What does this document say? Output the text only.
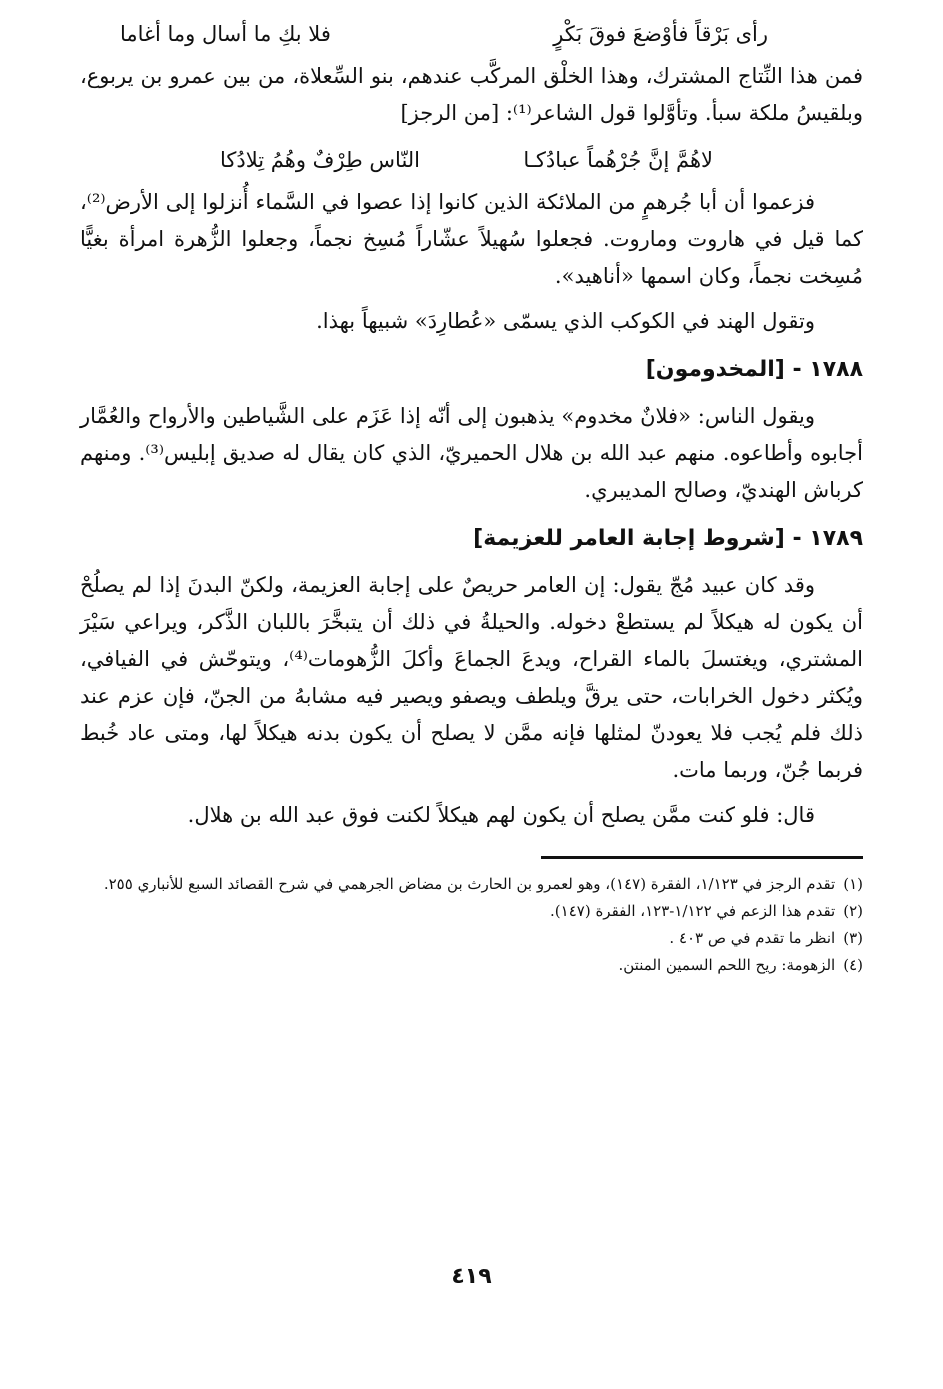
رأى بَرْقاً فأوْضعَ فوقَ بَكْرٍ
فلا بكِ ما أسال وما أغاما

فمن هذا النِّتاج المشترك، وهذا الخلْق المركَّب عندهم، بنو السِّعلاة، من بين عمرو بن يربوع، وبلقيسُ ملكة سبأ. وتأوَّلوا قول الشاعر⁽¹⁾: [من الرجز]

لاهُمَّ إنَّ جُرْهُماً عبادُكـا
النّاس طِرْفٌ وهُمُ تِلادُكا

فزعموا أن أبا جُرهمٍ من الملائكة الذين كانوا إذا عصوا في السَّماء أُنزلوا إلى الأرض⁽²⁾، كما قيل في هاروت وماروت. فجعلوا سُهيلاً عشّاراً مُسِخ نجماً، وجعلوا الزُّهرة امرأة بغيًّا مُسِخت نجماً، وكان اسمها «أناهيد».

وتقول الهند في الكوكب الذي يسمّى «عُطارِدَ» شبيهاً بهذا.

١٧٨٨ - [المخدومون]

ويقول الناس: «فلانٌ مخدوم» يذهبون إلى أنّه إذا عَزَم على الشَّياطين والأرواح والعُمَّار أجابوه وأطاعوه. منهم عبد الله بن هلال الحميريّ، الذي كان يقال له صديق إبليس⁽³⁾. ومنهم كرباش الهنديّ، وصالح المديبري.

١٧٨٩ - [شروط إجابة العامر للعزيمة]

وقد كان عبيد مُجّ يقول: إن العامر حريصٌ على إجابة العزيمة، ولكنّ البدنَ إذا لم يصلُحْ أن يكون له هيكلاً لم يستطعْ دخوله. والحيلةُ في ذلك أن يتبخَّرَ باللبان الذَّكر، ويراعي سَيْرَ المشتري، ويغتسلَ بالماء القراح، ويدعَ الجماعَ وأكلَ الزُّهومات⁽⁴⁾، ويتوحّش في الفيافي، ويُكثر دخول الخرابات، حتى يرقَّ ويلطف ويصفو ويصير فيه مشابهُ من الجنّ، فإن عزم عند ذلك فلم يُجب فلا يعودنّ لمثلها فإنه ممَّن لا يصلح أن يكون بدنه هيكلاً لها، ومتى عاد خُبط فربما جُنّ، وربما مات.

قال: فلو كنت ممَّن يصلح أن يكون لهم هيكلاً لكنت فوق عبد الله بن هلال.

(١)
تقدم الرجز في ١/١٢٣، الفقرة (١٤٧)، وهو لعمرو بن الحارث بن مضاض الجرهمي في شرح القصائد السبع للأنباري ٢٥٥.
(٢)
تقدم هذا الزعم في ١/١٢٢-١٢٣، الفقرة (١٤٧).
(٣)
انظر ما تقدم في ص ٤٠٣ .
(٤)
الزهومة: ريح اللحم السمين المنتن.
٤١٩
